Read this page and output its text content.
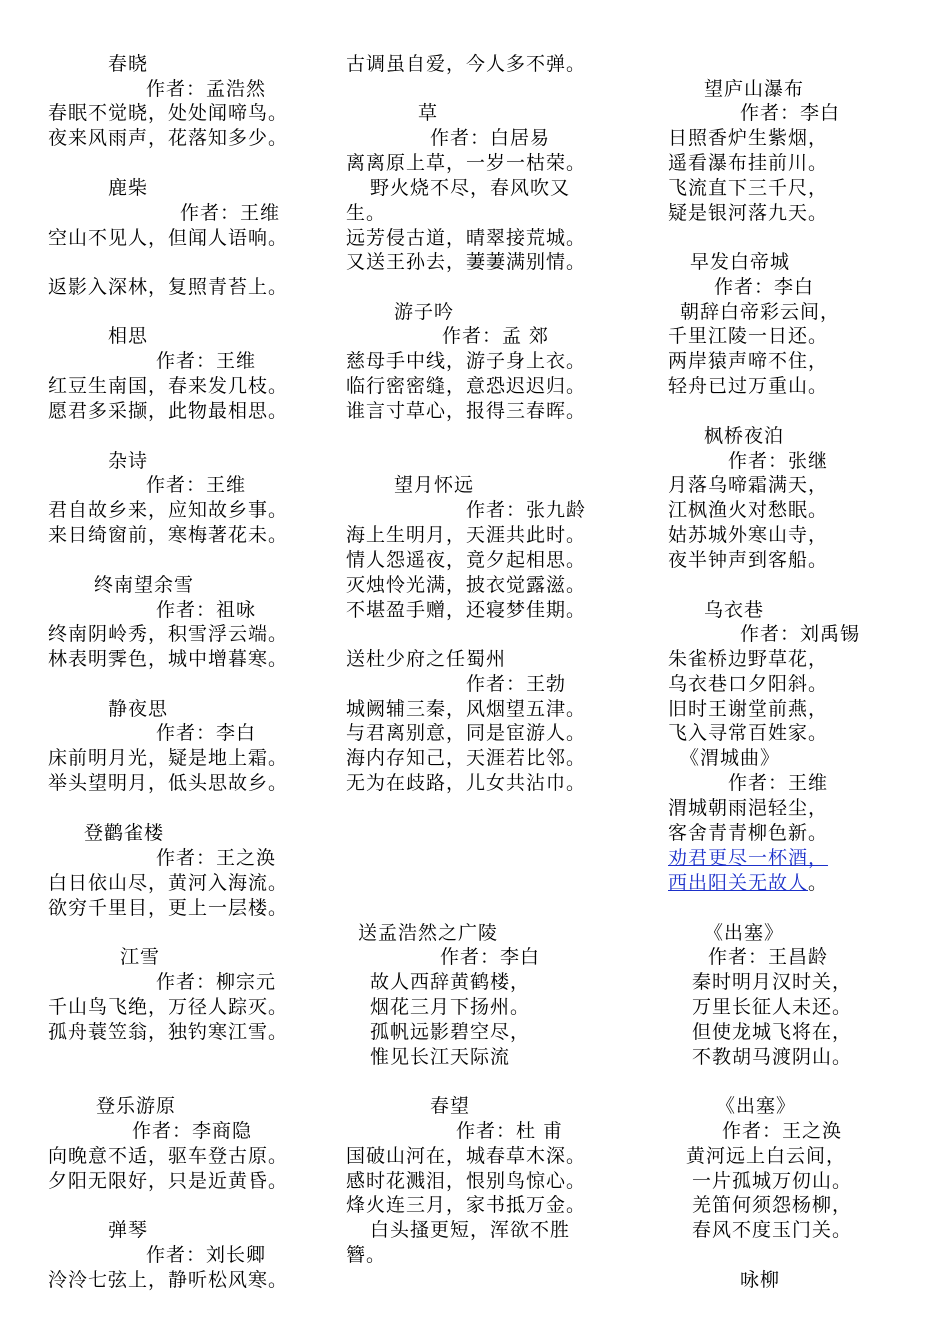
春晓
作者：孟浩然
春眠不觉晓，处处闻啼鸟。
夜来风雨声，花落知多少。
鹿柴
作者：王维
空山不见人，但闻人语响。
返影入深林，复照青苔上。
相思
作者：王维
红豆生南国，春来发几枝。
愿君多采撷，此物最相思。
杂诗
作者：王维
君自故乡来，应知故乡事。
来日绮窗前，寒梅著花未。
终南望余雪
作者：祖咏
终南阴岭秀，积雪浮云端。
林表明霁色，城中增暮寒。
静夜思
作者：李白
床前明月光，疑是地上霜。
举头望明月，低头思故乡。
登鹳雀楼
作者：王之涣
白日依山尽，黄河入海流。
欲穷千里目，更上一层楼。
江雪
作者：柳宗元
千山鸟飞绝，万径人踪灭。
孤舟蓑笠翁，独钓寒江雪。
登乐游原
作者：李商隐
向晚意不适，驱车登古原。
夕阳无限好，只是近黄昏。
弹琴
作者：刘长卿
泠泠七弦上，静听松风寒。
古调虽自爱，今人多不弹。
草
作者：白居易
离离原上草，一岁一枯荣。
野火烧不尽，春风吹又
生。
远芳侵古道，晴翠接荒城。
又送王孙去，萋萋满别情。
游子吟
作者：孟 郊
慈母手中线，游子身上衣。
临行密密缝，意恐迟迟归。
谁言寸草心，报得三春晖。
望月怀远
作者：张九龄
海上生明月，天涯共此时。
情人怨遥夜，竟夕起相思。
灭烛怜光满，披衣觉露滋。
不堪盈手赠，还寝梦佳期。
送杜少府之任蜀州
作者：王勃
城阙辅三秦，风烟望五津。
与君离别意，同是宦游人。
海内存知己，天涯若比邻。
无为在歧路，儿女共沾巾。
送孟浩然之广陵
作者：李白
故人西辞黄鹤楼，
烟花三月下扬州。
孤帆远影碧空尽，
惟见长江天际流
春望
作者：杜 甫
国破山河在，城春草木深。
感时花溅泪，恨别鸟惊心。
烽火连三月，家书抵万金。
白头搔更短，浑欲不胜
簪。
望庐山瀑布
作者：李白
日照香炉生紫烟，
遥看瀑布挂前川。
飞流直下三千尺，
疑是银河落九天。
早发白帝城
作者：李白
朝辞白帝彩云间，
千里江陵一日还。
两岸猿声啼不住，
轻舟已过万重山。
枫桥夜泊
作者：张继
月落乌啼霜满天，
江枫渔火对愁眠。
姑苏城外寒山寺，
夜半钟声到客船。
乌衣巷
作者：刘禹锡
朱雀桥边野草花，
乌衣巷口夕阳斜。
旧时王谢堂前燕，
飞入寻常百姓家。
《渭城曲》
作者：王维
渭城朝雨浥轻尘，
客舍青青柳色新。
劝君更尽一杯酒，
西出阳关无故人。
《出塞》
作者：王昌龄
秦时明月汉时关，
万里长征人未还。
但使龙城飞将在，
不教胡马渡阴山。
《出塞》
作者：王之涣
黄河远上白云间，
一片孤城万仞山。
羌笛何须怨杨柳，
春风不度玉门关。
咏柳
